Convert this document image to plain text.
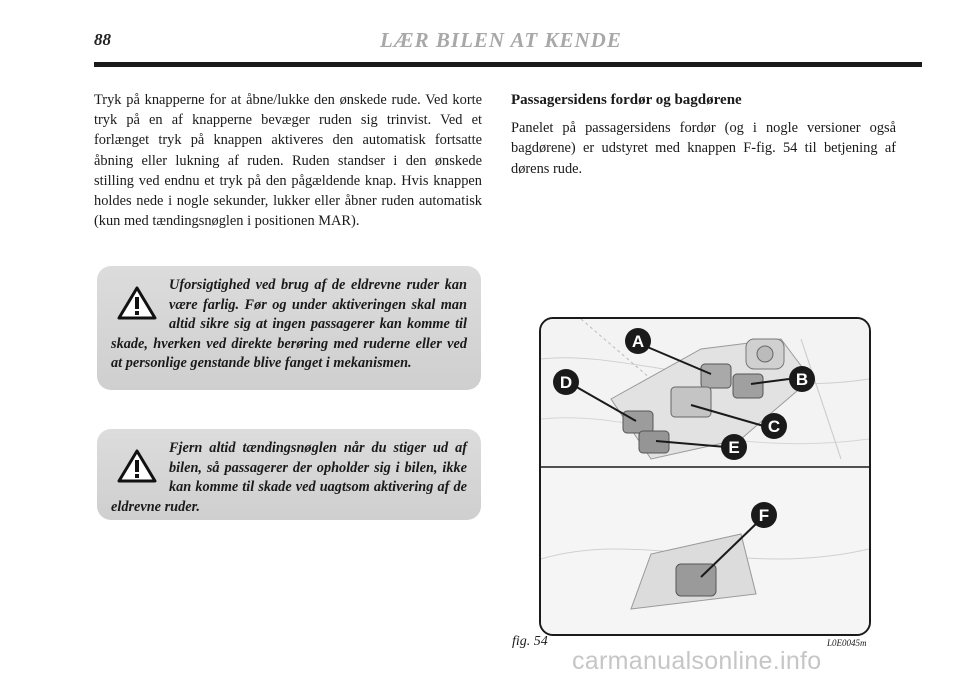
88	LÆR BILEN AT KENDE
Tryk på knapperne for at åbne/lukke den ønskede rude. Ved korte tryk på en af knapperne bevæger ruden sig trinvist. Ved et forlænget tryk på knappen aktiveres den automatisk fortsatte åbning eller lukning af ruden. Ruden standser i den ønskede stilling ved endnu et tryk på den pågældende knap. Hvis knappen holdes nede i nogle sekunder, lukker eller åbner ruden automatisk (kun med tændingsnøglen i positionen MAR).
Uforsigtighed ved brug af de eldrevne ruder kan være farlig. Før og under aktiveringen skal man altid sikre sig at ingen passagerer kan komme til skade, hverken ved direkte berøring med ruderne eller ved at personlige genstande blive fanget i mekanismen.
Fjern altid tændingsnøglen når du stiger ud af bilen, så passagerer der opholder sig i bilen, ikke kan komme til skade ved uagtsom aktivering af de eldrevne ruder.
Passagersidens fordør og bagdørene

Panelet på passagersidens fordør (og i nogle versioner også bagdørene) er udstyret med knappen F-fig. 54 til betjening af dørens rude.

A
B
C
D
E
F
fig. 54	L0E0045m
carmanualsonline.info
